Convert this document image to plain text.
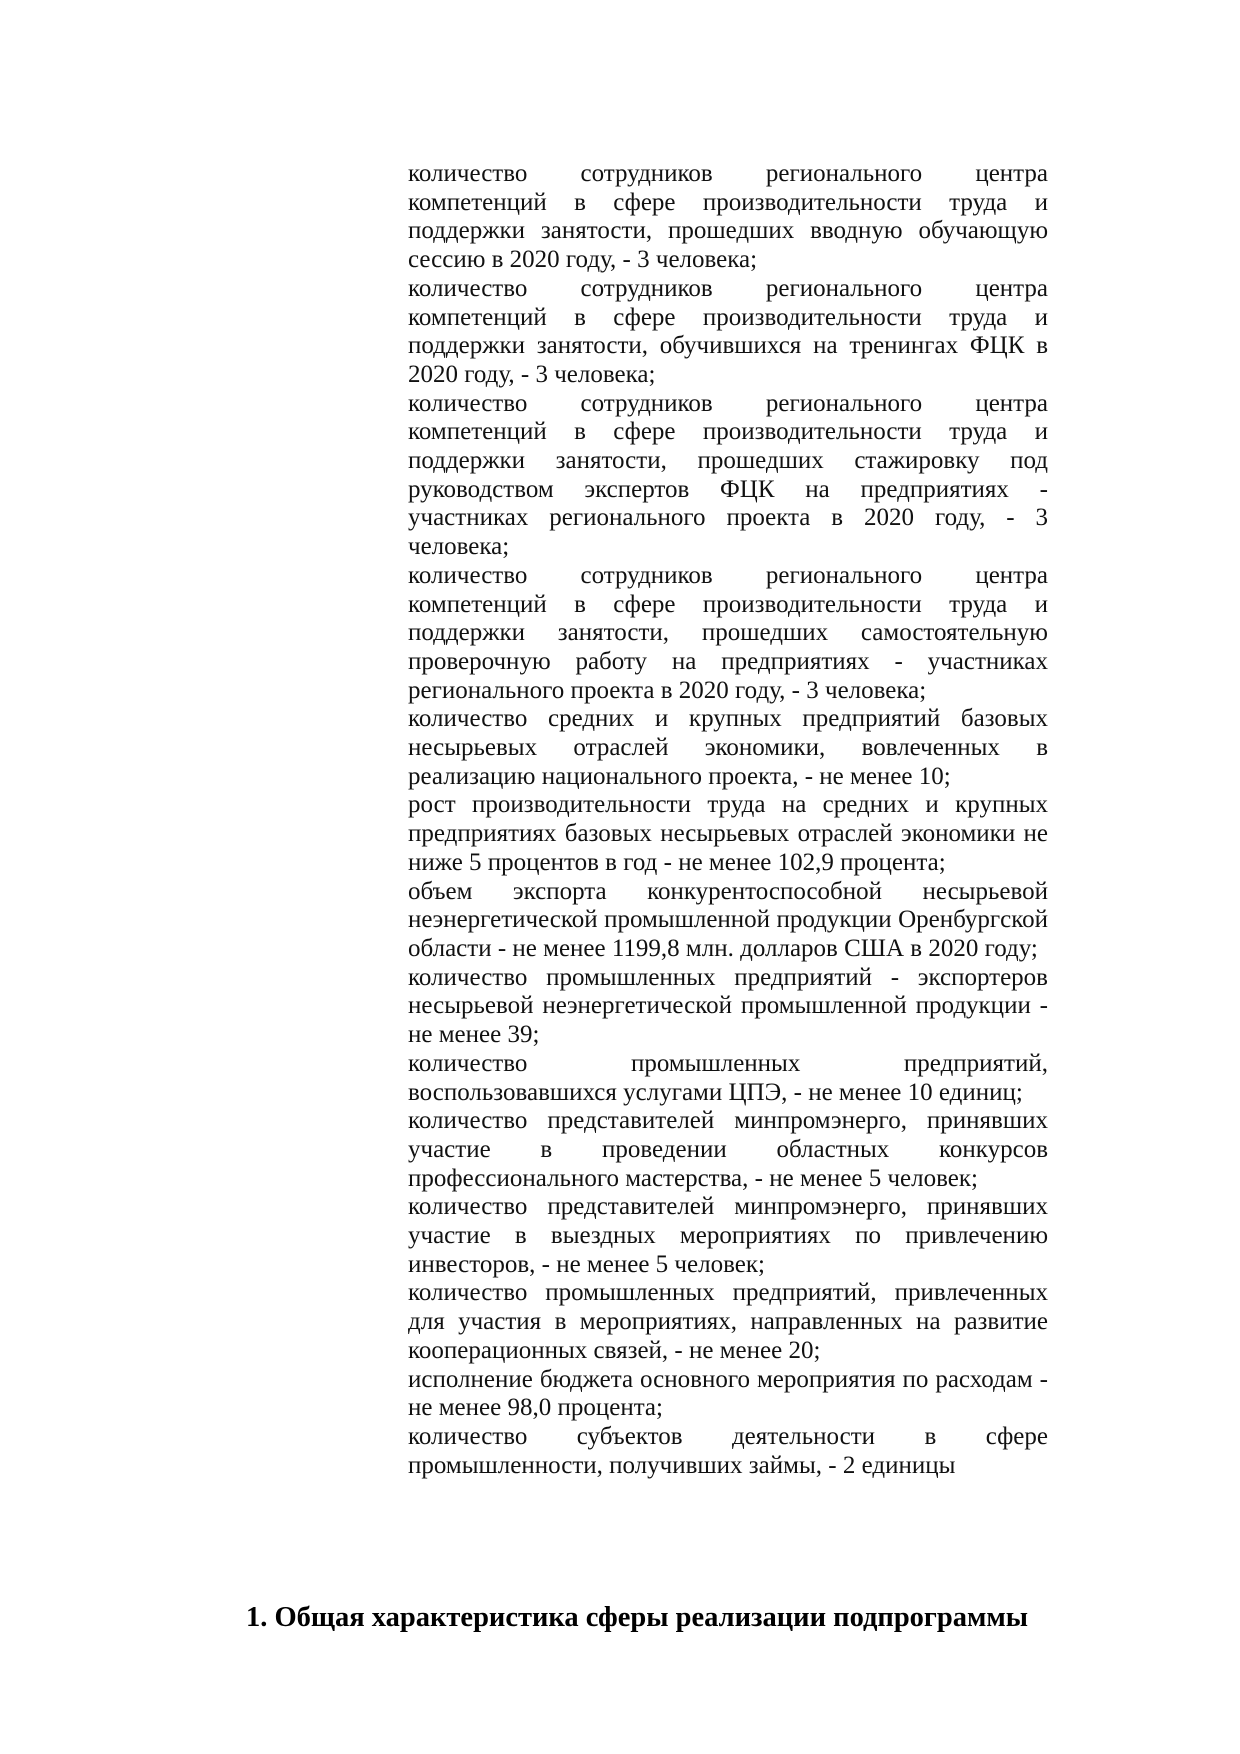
количество сотрудников регионального центра компетенций в сфере производительности труда и поддержки занятости, прошедших вводную обучающую сессию в 2020 году, - 3 человека;

количество сотрудников регионального центра компетенций в сфере производительности труда и поддержки занятости, обучившихся на тренингах ФЦК в 2020 году, - 3 человека;

количество сотрудников регионального центра компетенций в сфере производительности труда и поддержки занятости, прошедших стажировку под руководством экспертов ФЦК на предприятиях - участниках регионального проекта в 2020 году, - 3 человека;

количество сотрудников регионального центра компетенций в сфере производительности труда и поддержки занятости, прошедших самостоятельную проверочную работу на предприятиях - участниках регионального проекта в 2020 году, - 3 человека;

количество средних и крупных предприятий базовых несырьевых отраслей экономики, вовлеченных в реализацию национального проекта, - не менее 10;

рост производительности труда на средних и крупных предприятиях базовых несырьевых отраслей экономики не ниже 5 процентов в год - не менее 102,9 процента;

объем экспорта конкурентоспособной несырьевой неэнергетической промышленной продукции Оренбургской области - не менее 1199,8 млн. долларов США в 2020 году;

количество промышленных предприятий - экспортеров несырьевой неэнергетической промышленной продукции - не менее 39;

количество промышленных предприятий, воспользовавшихся услугами ЦПЭ, - не менее 10 единиц;

количество представителей минпромэнерго, принявших участие в проведении областных конкурсов профессионального мастерства, - не менее 5 человек;

количество представителей минпромэнерго, принявших участие в выездных мероприятиях по привлечению инвесторов, - не менее 5 человек;

количество промышленных предприятий, привлеченных для участия в мероприятиях, направленных на развитие кооперационных связей, - не менее 20;

исполнение бюджета основного мероприятия по расходам - не менее 98,0 процента;

количество субъектов деятельности в сфере промышленности, получивших займы, - 2 единицы

1. Общая характеристика сферы реализации подпрограммы
